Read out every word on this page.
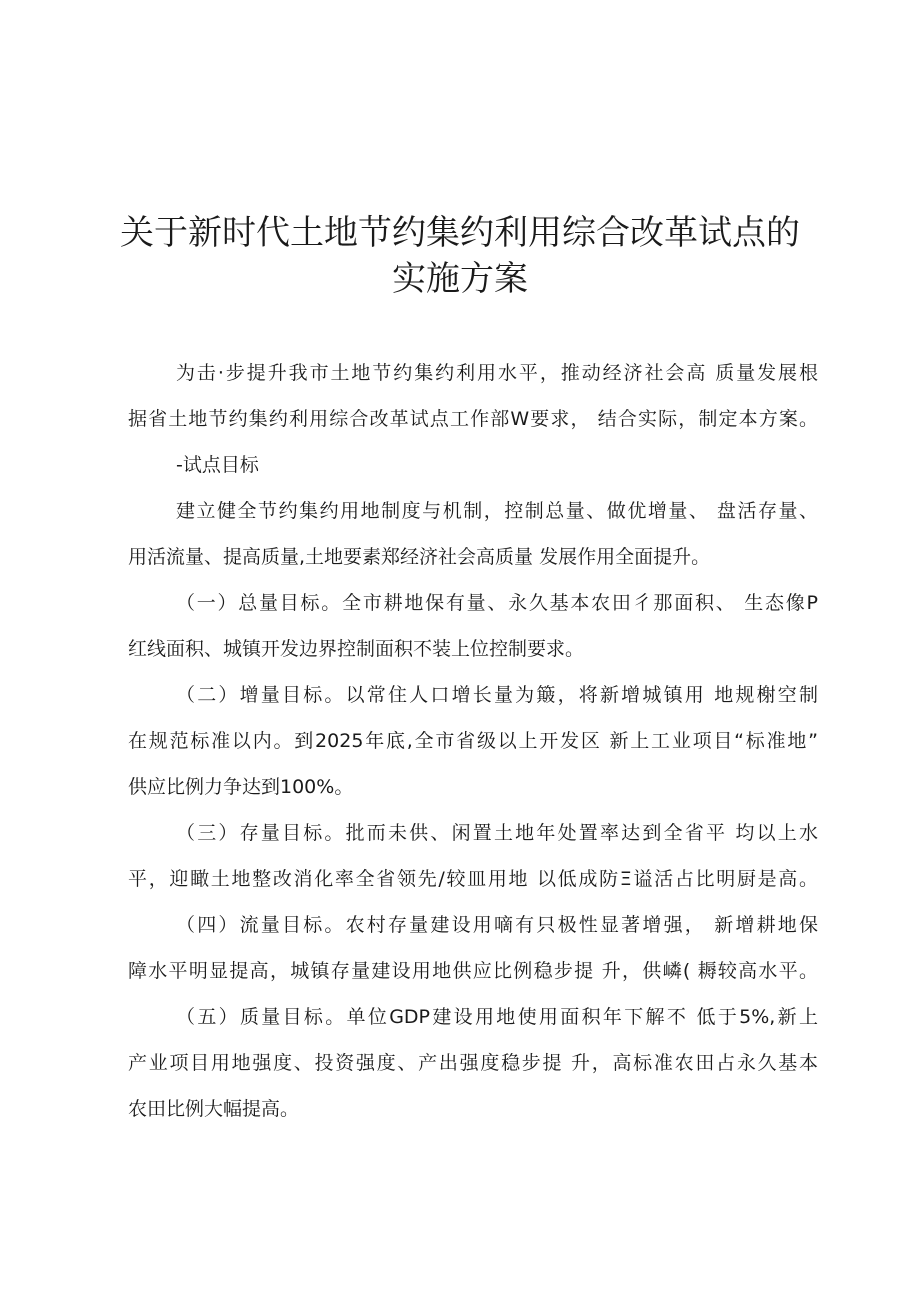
关于新时代土地节约集约利用综合改革试点的
实施方案
为击·步提升我市土地节约集约利用水平，推动经济社会高 质量发展根
据省土地节约集约利用综合改革试点工作部W要求， 结合实际，制定本方案。
-试点目标
建立健全节约集约用地制度与机制，控制总量、做优增量、 盘活存量、
用活流量、提高质量,土地要素郑经济社会高质量 发展作用全面提升。
（一）总量目标。全市耕地保有量、永久基本农田彳那面积、 生态像P
红线面积、城镇开发边界控制面积不装上位控制要求。
（二）增量目标。以常住人口增长量为簸，将新增城镇用 地规榭空制
在规范标准以内。到2025年底,全市省级以上开发区 新上工业项目“标准地”
供应比例力争达到100%。
（三）存量目标。批而未供、闲置土地年处置率达到全省平 均以上水
平，迎瞰土地整改消化率全省领先/较皿用地 以低成防Ξ谥活占比明厨是高。
（四）流量目标。农村存量建设用嘀有只极性显著增强， 新增耕地保
障水平明显提高，城镇存量建设用地供应比例稳步提 升，供嶙( 耨较高水平。
（五）质量目标。单位GDP建设用地使用面积年下解不 低于5%,新上
产业项目用地强度、投资强度、产出强度稳步提 升，高标准农田占永久基本
农田比例大幅提高。
